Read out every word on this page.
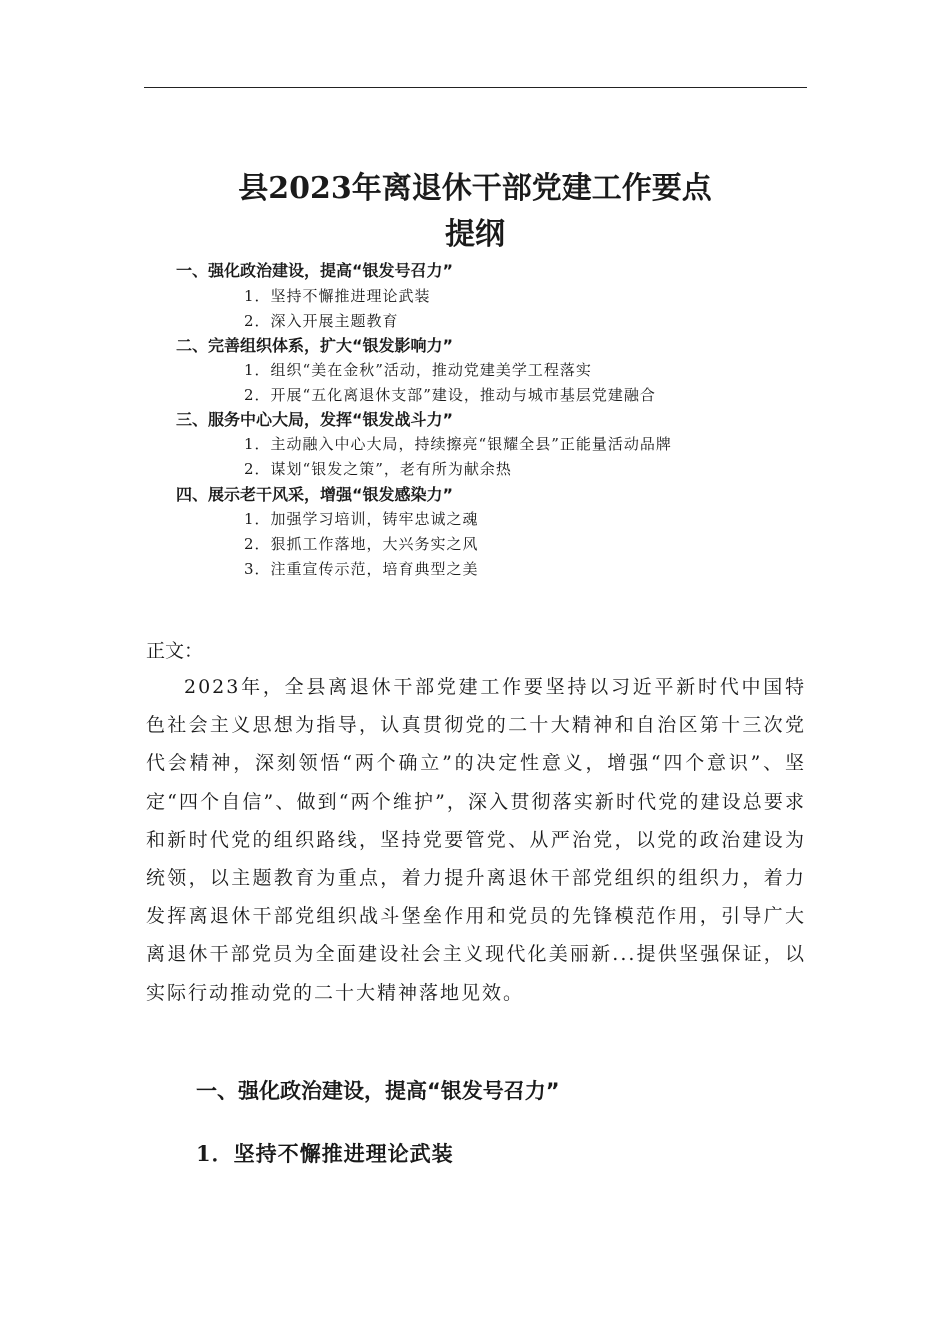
县2023年离退休干部党建工作要点
提纲
一、强化政治建设，提高“银发号召力”
1．坚持不懈推进理论武装
2．深入开展主题教育
二、完善组织体系，扩大“银发影响力”
1．组织“美在金秋”活动，推动党建美学工程落实
2．开展“五化离退休支部”建设，推动与城市基层党建融合
三、服务中心大局，发挥“银发战斗力”
1．主动融入中心大局，持续擦亮“银耀全县”正能量活动品牌
2．谋划“银发之策”，老有所为献余热
四、展示老干风采，增强“银发感染力”
1．加强学习培训，铸牢忠诚之魂
2．狠抓工作落地，大兴务实之风
3．注重宣传示范，培育典型之美
正文：
2023年，全县离退休干部党建工作要坚持以习近平新时代中国特色社会主义思想为指导，认真贯彻党的二十大精神和自治区第十三次党代会精神，深刻领悟“两个确立”的决定性意义，增强“四个意识”、坚定“四个自信”、做到“两个维护”，深入贯彻落实新时代党的建设总要求和新时代党的组织路线，坚持党要管党、从严治党，以党的政治建设为统领，以主题教育为重点，着力提升离退休干部党组织的组织力，着力发挥离退休干部党组织战斗堡垒作用和党员的先锋模范作用，引导广大离退休干部党员为全面建设社会主义现代化美丽新...提供坚强保证，以实际行动推动党的二十大精神落地见效。
一、强化政治建设，提高“银发号召力”
1．坚持不懈推进理论武装
